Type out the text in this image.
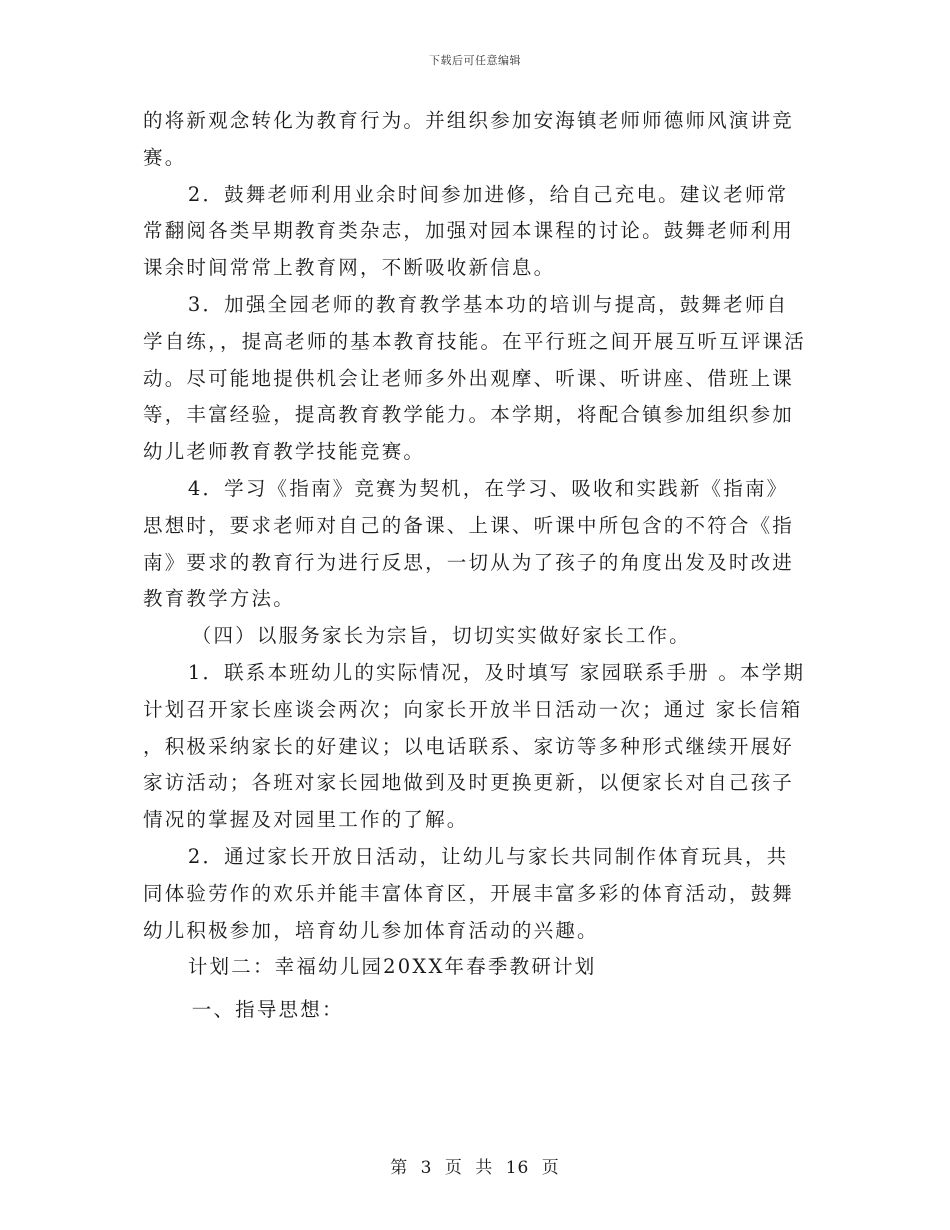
下载后可任意编辑

的将新观念转化为教育行为。并组织参加安海镇老师师德师风演讲竞赛。

2．鼓舞老师利用业余时间参加进修，给自己充电。建议老师常常翻阅各类早期教育类杂志，加强对园本课程的讨论。鼓舞老师利用课余时间常常上教育网，不断吸收新信息。

3．加强全园老师的教育教学基本功的培训与提高，鼓舞老师自学自练，，提高老师的基本教育技能。在平行班之间开展互听互评课活动。尽可能地提供机会让老师多外出观摩、听课、听讲座、借班上课等，丰富经验，提高教育教学能力。本学期，将配合镇参加组织参加幼儿老师教育教学技能竞赛。

4．学习《指南》竞赛为契机，在学习、吸收和实践新《指南》思想时，要求老师对自己的备课、上课、听课中所包含的不符合《指南》要求的教育行为进行反思，一切从为了孩子的角度出发及时改进教育教学方法。

（四）以服务家长为宗旨，切切实实做好家长工作。

1．联系本班幼儿的实际情况，及时填写 家园联系手册 。本学期计划召开家长座谈会两次；向家长开放半日活动一次；通过 家长信箱 ，积极采纳家长的好建议；以电话联系、家访等多种形式继续开展好家访活动；各班对家长园地做到及时更换更新，以便家长对自己孩子情况的掌握及对园里工作的了解。

2．通过家长开放日活动，让幼儿与家长共同制作体育玩具，共同体验劳作的欢乐并能丰富体育区，开展丰富多彩的体育活动，鼓舞幼儿积极参加，培育幼儿参加体育活动的兴趣。

计划二：幸福幼儿园20XX年春季教研计划

一、指导思想：

第 3 页 共 16 页
